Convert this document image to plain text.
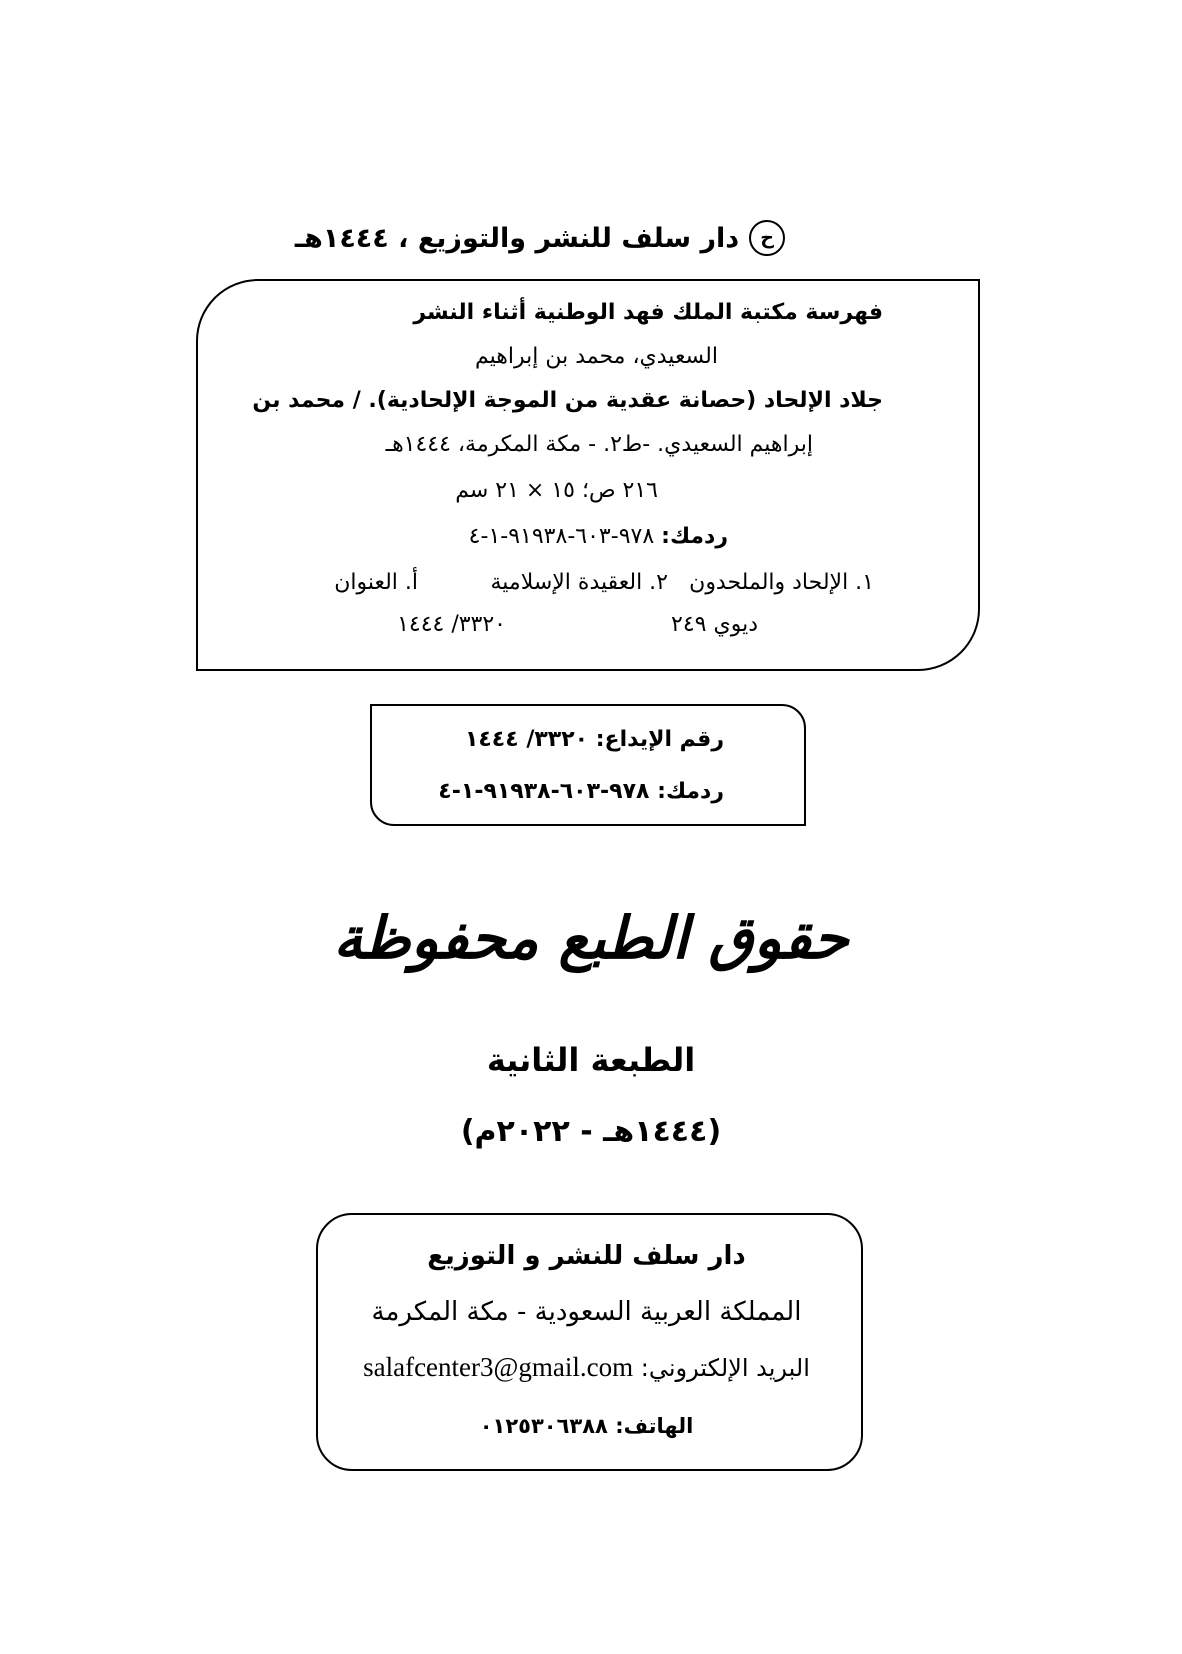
ح
دار سلف للنشر والتوزيع ، ١٤٤٤هـ
فهرسة مكتبة الملك فهد الوطنية أثناء النشر
السعيدي، محمد بن إبراهيم
جلاد الإلحاد (حصانة عقدية من الموجة الإلحادية). / محمد بن
إبراهيم السعيدي. -ط٢. - مكة المكرمة، ١٤٤٤هـ
٢١٦ ص؛ ١٥ × ٢١ سم
ردمك: ٩٧٨-٦٠٣-٩١٩٣٨-١-٤
١. الإلحاد والملحدون
٢. العقيدة الإسلامية
أ. العنوان
ديوي ٢٤٩
٣٣٢٠/ ١٤٤٤
رقم الإيداع: ٣٣٢٠/ ١٤٤٤
ردمك: ٩٧٨-٦٠٣-٩١٩٣٨-١-٤
حقوق الطبع محفوظة
الطبعة الثانية
(١٤٤٤هـ - ٢٠٢٢م)
دار سلف للنشر و التوزيع
المملكة العربية السعودية - مكة المكرمة
البريد الإلكتروني: salafcenter3@gmail.com
الهاتف: ٠١٢٥٣٠٦٣٨٨
